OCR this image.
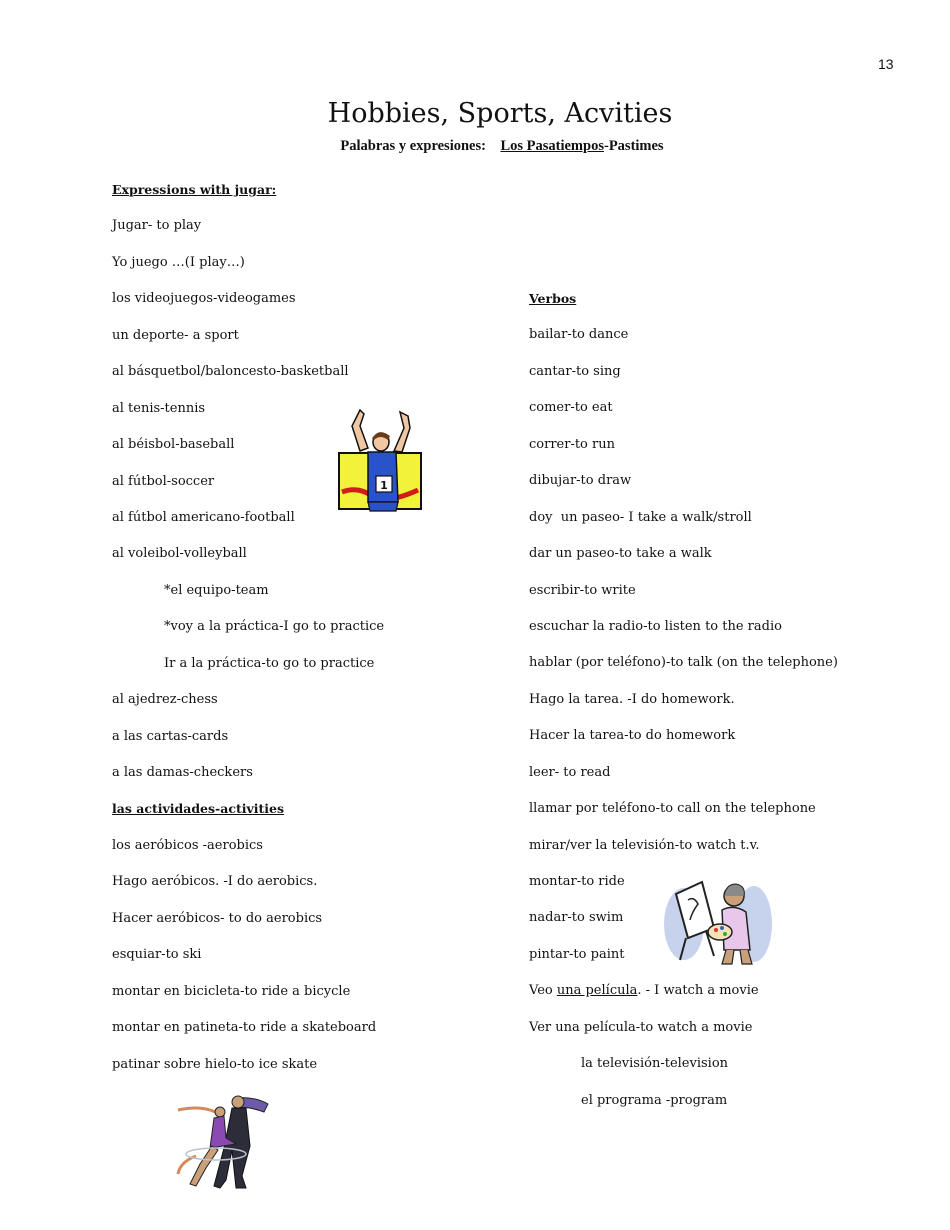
13
Hobbies, Sports, Acvities
Palabras y expresiones: Los Pasatiempos-Pastimes
Expressions with jugar:
Jugar- to play
Yo juego …(I play…)
los videojuegos-videogames
un deporte- a sport
al básquetbol/baloncesto-basketball
al tenis-tennis
al béisbol-baseball
al fútbol-soccer
al fútbol americano-football
al voleibol-volleyball
*el equipo-team
*voy a la práctica-I go to practice
Ir a la práctica-to go to practice
al ajedrez-chess
a las cartas-cards
a las damas-checkers
las actividades-activities
los aeróbicos -aerobics
Hago aeróbicos. -I do aerobics.
Hacer aeróbicos- to do aerobics
esquiar-to ski
montar en bicicleta-to ride a bicycle
montar en patineta-to ride a skateboard
patinar sobre hielo-to ice skate
Verbos
bailar-to dance
cantar-to sing
comer-to eat
correr-to run
dibujar-to draw
doy  un paseo- I take a walk/stroll
dar un paseo-to take a walk
escribir-to write
escuchar la radio-to listen to the radio
hablar (por teléfono)-to talk (on the telephone)
Hago la tarea. -I do homework.
Hacer la tarea-to do homework
leer- to read
llamar por teléfono-to call on the telephone
mirar/ver la televisión-to watch t.v.
montar-to ride
nadar-to swim
pintar-to paint
Veo una película. - I watch a movie
Ver una película-to watch a movie
la televisión-television
el programa -program
1
